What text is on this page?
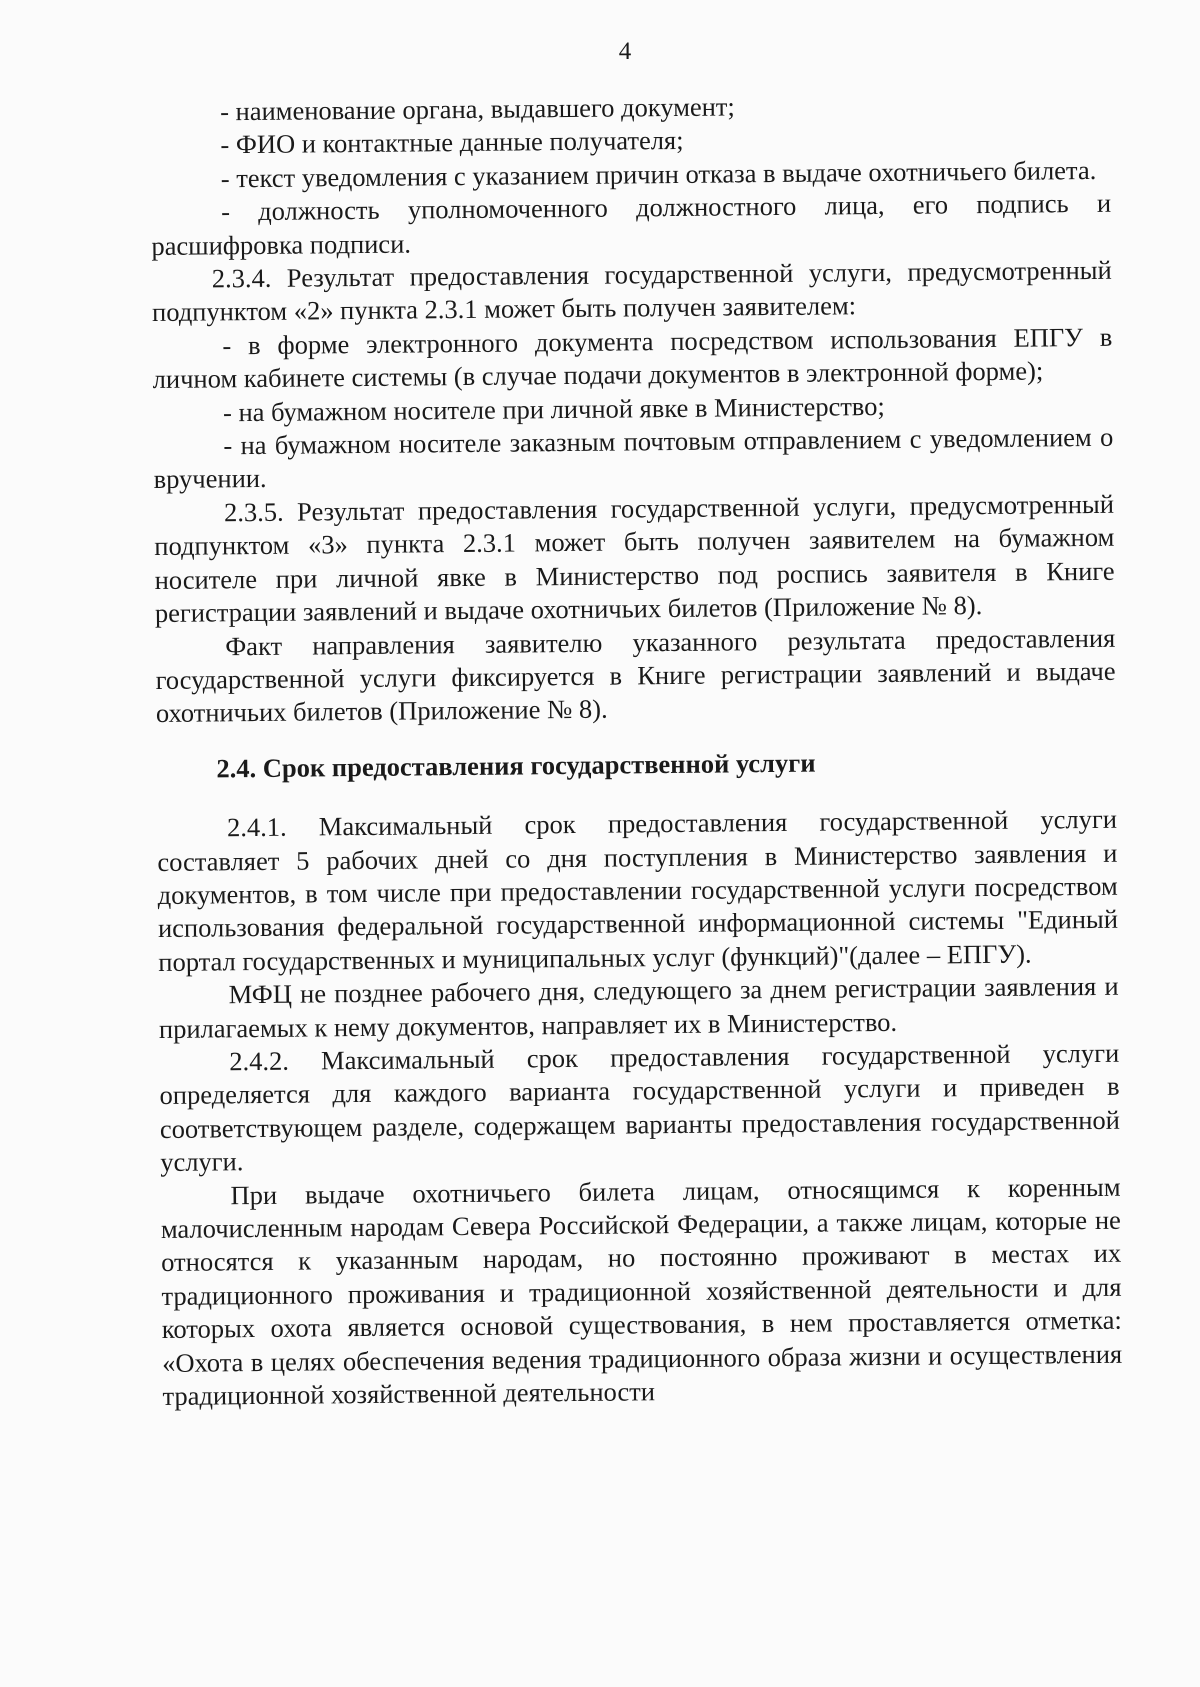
4

- наименование органа, выдавшего документ;

- ФИО и контактные данные получателя;

- текст уведомления с указанием причин отказа в выдаче охотничьего билета.

- должность уполномоченного должностного лица, его подпись и расшифровка подписи.

2.3.4. Результат предоставления государственной услуги, предусмотренный подпунктом «2» пункта 2.3.1 может быть получен заявителем:

- в форме электронного документа посредством использования ЕПГУ в личном кабинете системы (в случае подачи документов в электронной форме);

- на бумажном носителе при личной явке в Министерство;

- на бумажном носителе заказным почтовым отправлением с уведомлением о вручении.

2.3.5. Результат предоставления государственной услуги, предусмотренный подпунктом «3» пункта 2.3.1 может быть получен заявителем на бумажном носителе при личной явке в Министерство под роспись заявителя в Книге регистрации заявлений и выдаче охотничьих билетов (Приложение № 8).

Факт направления заявителю указанного результата предоставления государственной услуги фиксируется в Книге регистрации заявлений и выдаче охотничьих билетов (Приложение № 8).

2.4. Срок предоставления государственной услуги

2.4.1. Максимальный срок предоставления государственной услуги составляет 5 рабочих дней со дня поступления в Министерство заявления и документов, в том числе при предоставлении государственной услуги посредством использования федеральной государственной информационной системы "Единый портал государственных и муниципальных услуг (функций)"(далее – ЕПГУ).

МФЦ не позднее рабочего дня, следующего за днем регистрации заявления и прилагаемых к нему документов, направляет их в Министерство.

2.4.2. Максимальный срок предоставления государственной услуги определяется для каждого варианта государственной услуги и приведен в соответствующем разделе, содержащем варианты предоставления государственной услуги.

При выдаче охотничьего билета лицам, относящимся к коренным малочисленным народам Севера Российской Федерации, а также лицам, которые не относятся к указанным народам, но постоянно проживают в местах их традиционного проживания и традиционной хозяйственной деятельности и для которых охота является основой существования, в нем проставляется отметка: «Охота в целях обеспечения ведения традиционного образа жизни и осуществления традиционной хозяйственной деятельности
